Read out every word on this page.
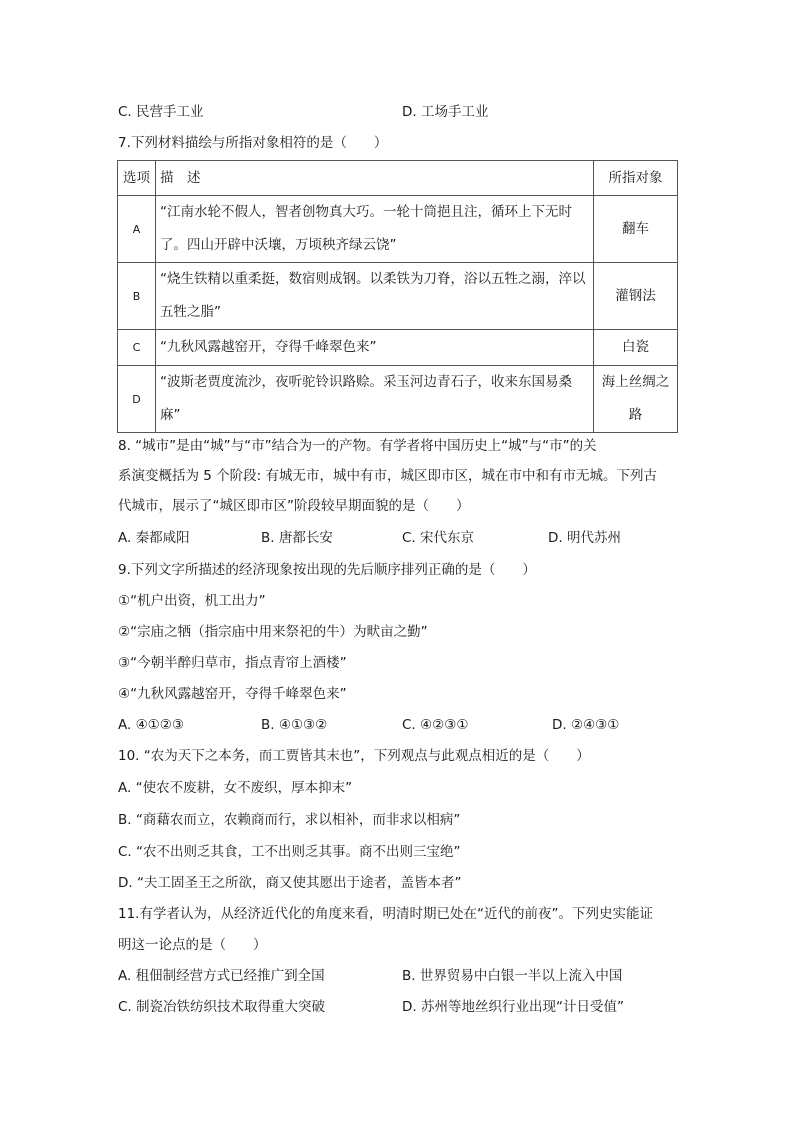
C. 民营手工业	D. 工场手工业
7.下列材料描绘与所指对象相符的是（　　）
选项	描　述	所指对象
A	“江南水轮不假人，智者创物真大巧。一轮十筒挹且注，循环上下无时了。四山开辟中沃壤，万顷秧齐绿云饶”	翻车
B	“烧生铁精以重柔挺，数宿则成钢。以柔铁为刀脊，浴以五牲之溺，淬以五牲之脂”	灌钢法
C	“九秋风露越窑开，夺得千峰翠色来”	白瓷
D	“波斯老贾度流沙，夜听驼铃识路赊。采玉河边青石子，收来东国易桑麻”	海上丝绸之路
8. “城市”是由“城”与“市”结合为一的产物。有学者将中国历史上“城”与“市”的关
系演变概括为 5 个阶段: 有城无市，城中有市，城区即市区，城在市中和有市无城。下列古
代城市，展示了“城区即市区”阶段较早期面貌的是（　　）
A. 秦都咸阳	B. 唐都长安	C. 宋代东京	D. 明代苏州
9.下列文字所描述的经济现象按出现的先后顺序排列正确的是（　　）
①“机户出资，机工出力”
②“宗庙之牺（指宗庙中用来祭祀的牛）为畎亩之勤”
③“今朝半醉归草市，指点青帘上酒楼”
④“九秋风露越窑开，夺得千峰翠色来”
A. ④①②③	B. ④①③②	C. ④②③①	D. ②④③①
10. “农为天下之本务，而工贾皆其末也”，下列观点与此观点相近的是（　　）
A. “使农不废耕，女不废织，厚本抑末”
B. “商藉农而立，农赖商而行，求以相补，而非求以相病”
C. “农不出则乏其食，工不出则乏其事。商不出则三宝绝”
D. “夫工固圣王之所欲，商又使其愿出于途者，盖皆本者”
11.有学者认为，从经济近代化的角度来看，明清时期已处在“近代的前夜”。下列史实能证
明这一论点的是（　　）
A. 租佃制经营方式已经推广到全国	B. 世界贸易中白银一半以上流入中国
C. 制瓷冶铁纺织技术取得重大突破	D. 苏州等地丝织行业出现“计日受值”
